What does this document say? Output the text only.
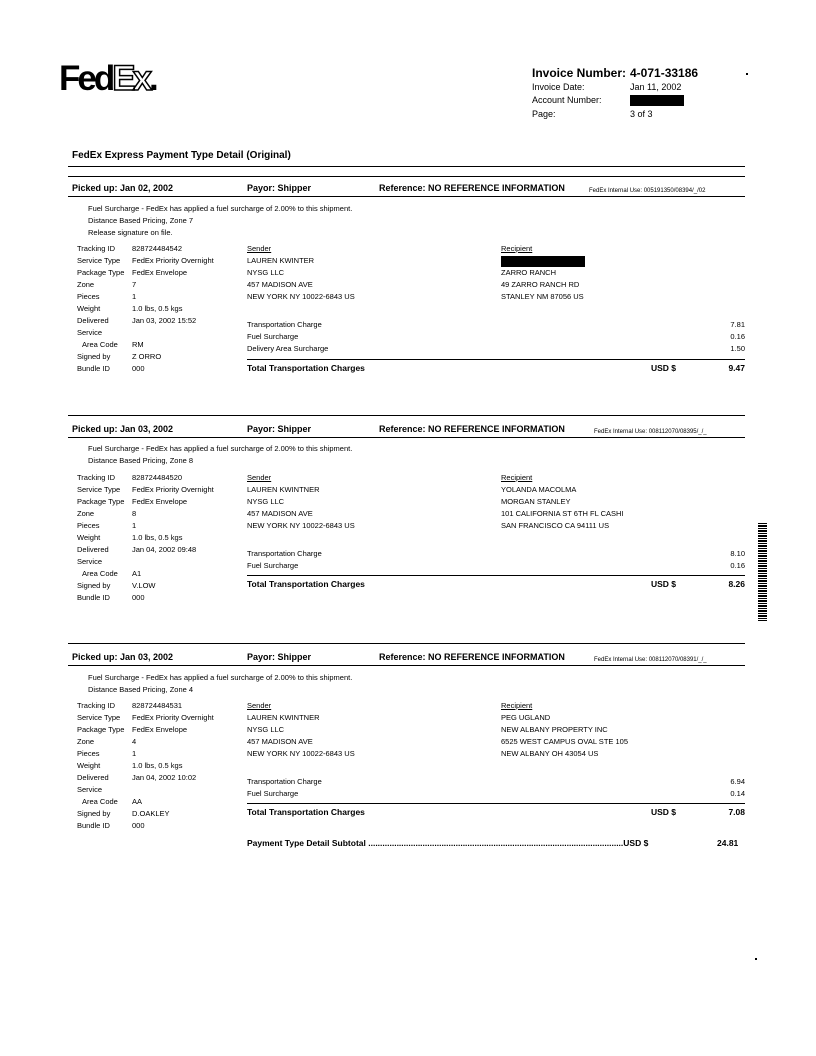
FedEx.	Invoice Number: 4-071-33186
Invoice Date:	Jan 11, 2002
Account Number:
Page:	3 of 3
FedEx Express Payment Type Detail (Original)
Picked up: Jan 02, 2002	Payor: Shipper	Reference: NO REFERENCE INFORMATION	FedEx Internal Use: 005191350/08394/_/02
Fuel Surcharge - FedEx has applied a fuel surcharge of 2.00% to this shipment.
Distance Based Pricing, Zone 7
Release signature on file.
Tracking ID	828724484542
Service Type	FedEx Priority Overnight
Package Type	FedEx Envelope
Zone	7
Pieces	1
Weight	1.0 lbs, 0.5 kgs
Delivered	Jan 03, 2002 15:52
Service
Area Code	RM
Signed by	Z ORRO
Bundle ID	000
Sender
LAUREN KWINTER
NYSG LLC
457 MADISON AVE
NEW YORK NY 10022-6843 US
Recipient
ZARRO RANCH
49 ZARRO RANCH RD
STANLEY NM 87056 US
Transportation Charge	7.81
Fuel Surcharge	0.16
Delivery Area Surcharge	1.50
Total Transportation Charges	USD $	9.47
Picked up: Jan 03, 2002	Payor: Shipper	Reference: NO REFERENCE INFORMATION	FedEx Internal Use: 008112070/08395/_/_
Fuel Surcharge - FedEx has applied a fuel surcharge of 2.00% to this shipment.
Distance Based Pricing, Zone 8
Tracking ID	828724484520
Service Type	FedEx Priority Overnight
Package Type	FedEx Envelope
Zone	8
Pieces	1
Weight	1.0 lbs, 0.5 kgs
Delivered	Jan 04, 2002 09:48
Service
Area Code	A1
Signed by	V.LOW
Bundle ID	000
Sender
LAUREN KWINTNER
NYSG LLC
457 MADISON AVE
NEW YORK NY 10022-6843 US
Recipient
YOLANDA MACOLMA
MORGAN STANLEY
101 CALIFORNIA ST 6TH FL CASHI
SAN FRANCISCO CA 94111 US
Transportation Charge	8.10
Fuel Surcharge	0.16
Total Transportation Charges	USD $	8.26
Picked up: Jan 03, 2002	Payor: Shipper	Reference: NO REFERENCE INFORMATION	FedEx Internal Use: 008112070/08391/_/_
Fuel Surcharge - FedEx has applied a fuel surcharge of 2.00% to this shipment.
Distance Based Pricing, Zone 4
Tracking ID	828724484531
Service Type	FedEx Priority Overnight
Package Type	FedEx Envelope
Zone	4
Pieces	1
Weight	1.0 lbs, 0.5 kgs
Delivered	Jan 04, 2002 10:02
Service
Area Code	AA
Signed by	D.OAKLEY
Bundle ID	000
Sender
LAUREN KWINTNER
NYSG LLC
457 MADISON AVE
NEW YORK NY 10022-6843 US
Recipient
PEG UGLAND
NEW ALBANY PROPERTY INC
6525 WEST CAMPUS OVAL STE 105
NEW ALBANY OH 43054 US
Transportation Charge	6.94
Fuel Surcharge	0.14
Total Transportation Charges	USD $	7.08
Payment Type Detail Subtotal ............................................................................................................USD $	24.81
